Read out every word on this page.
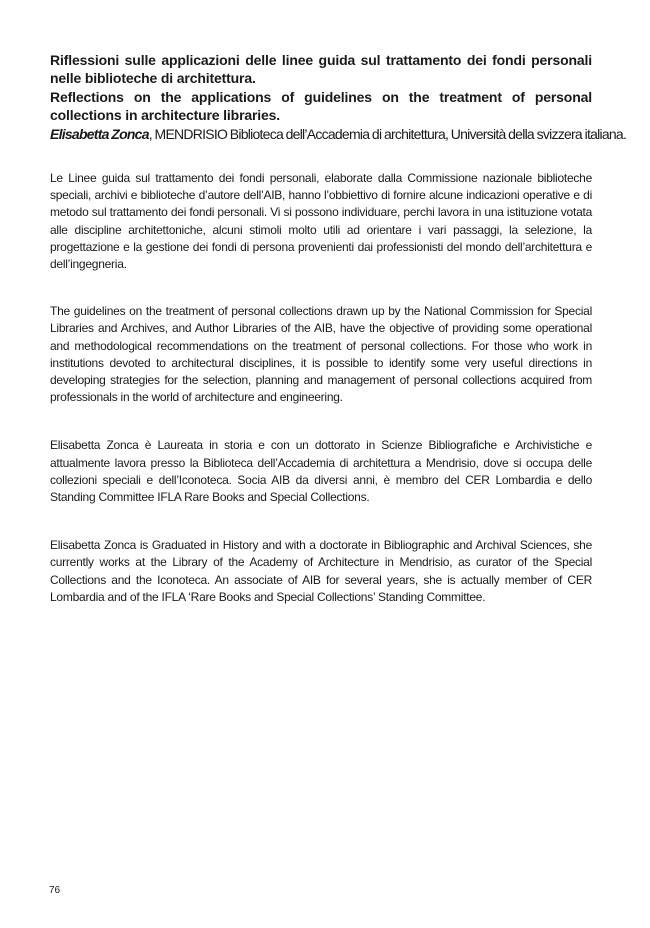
Riflessioni sulle applicazioni delle linee guida sul trattamento dei fondi personali nelle biblioteche di architettura.
Reflections on the applications of guidelines on the treatment of personal collections in architecture libraries.

Elisabetta Zonca, MENDRISIO Biblioteca dell’Accademia di architettura, Università della svizzera italiana.

Le Linee guida sul trattamento dei fondi personali, elaborate dalla Commissione nazionale biblioteche speciali, archivi e biblioteche d’autore dell’AIB, hanno l’obbiettivo di fornire alcune indicazioni operative e di metodo sul trattamento dei fondi personali. Vi si possono individuare, perchi lavora in una istituzione votata alle discipline architettoniche, alcuni stimoli molto utili ad orientare i vari passaggi, la selezione, la progettazione e la gestione dei fondi di persona provenienti dai professionisti del mondo dell’architettura e dell’ingegneria.

The guidelines on the treatment of personal collections drawn up by the National Commission for Special Libraries and Archives, and Author Libraries of the AIB, have the objective of providing some operational and methodological recommendations on the treatment of personal collections. For those who work in institutions devoted to architectural disciplines, it is possible to identify some very useful directions in developing strategies for the selection, planning and management of personal collections acquired from professionals in the world of architecture and engineering.

Elisabetta Zonca è Laureata in storia e con un dottorato in Scienze Bibliografiche e Archivistiche e attualmente lavora presso la Biblioteca dell’Accademia di architettura a Mendrisio, dove si occupa delle collezioni speciali e dell’Iconoteca. Socia AIB da diversi anni, è membro del CER Lombardia e dello Standing Committee IFLA Rare Books and Special Collections.

Elisabetta Zonca is Graduated in History and with a doctorate in Bibliographic and Archival Sciences, she currently works at the Library of the Academy of Architecture in Mendrisio, as curator of the Special Collections and the Iconoteca. An associate of AIB for several years, she is actually member of CER Lombardia and of the IFLA ‘Rare Books and Special Collections’ Standing Committee.

76
